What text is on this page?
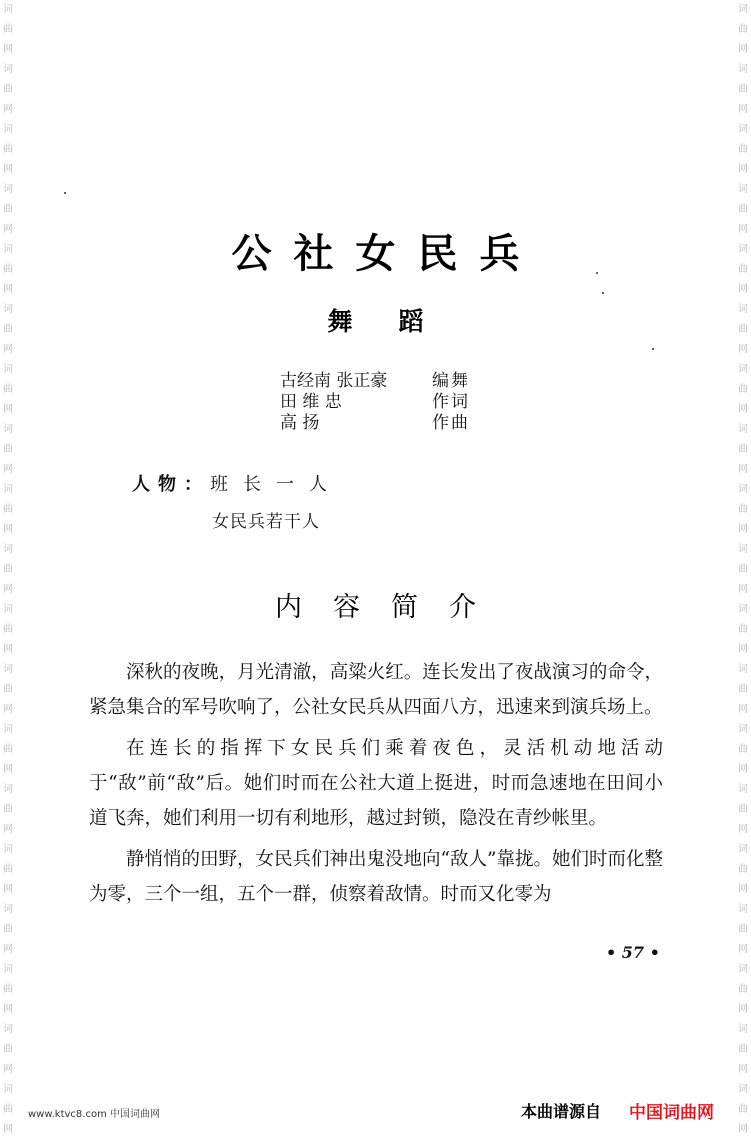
词
曲
网
词
曲
网
词
曲
网
词
曲
网
词
曲
网
词
曲
网
词
曲
网
词
曲
网
词
曲
网
词
曲
网
词
曲
网
词
曲
网
词
曲
网
词
曲
网
词
曲
网
词
曲
网
词
曲
网
词
曲
网
词
曲
网
词
曲
网
词
曲
网
词
曲
网
词
曲
网
词
曲
网
词
曲
网
词
曲
网
词
曲
网
词
曲
网
词
曲
网
词
曲
网
词
曲
网
词
曲
网
词
曲
网
词
曲
网
词
曲
网
词
曲
网
词
曲
网
词
曲
网
公社女民兵
舞蹈
古经南 张正豪	编舞
田 维 忠	作词
高 扬	作曲
人物： 班长一人
女民兵若干人
内容简介

深秋的夜晚，月光清澈，高粱火红。连长发出了夜战演习的命令，紧急集合的军号吹响了，公社女民兵从四面八方，迅速来到演兵场上。

在连长的指挥下女民兵们乘着夜色，灵活机动地活动于“敌”前“敌”后。她们时而在公社大道上挺进，时而急速地在田间小道飞奔，她们利用一切有利地形，越过封锁，隐没在青纱帐里。

静悄悄的田野，女民兵们神出鬼没地向“敌人”靠拢。她们时而化整为零，三个一组，五个一群，侦察着敌情。时而又化零为

• 57 •
www.ktvc8.com 中国词曲网	本曲谱源自 中国词曲网
